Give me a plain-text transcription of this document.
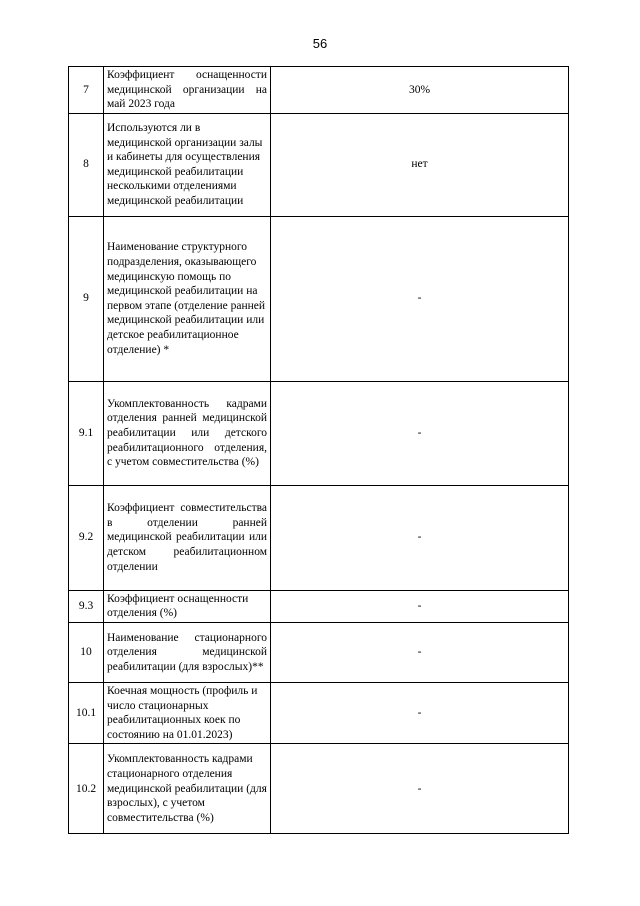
56
7	Коэффициент оснащенности медицинской организации на май 2023 года	30%
8	Используются ли в медицинской организации залы и кабинеты для осуществления медицинской реабилитации несколькими отделениями медицинской реабилитации	нет
9	Наименование структурного подразделения, оказывающего медицинскую помощь по медицинской реабилитации на первом этапе (отделение ранней медицинской реабилитации или детское реабилитационное отделение) *	-
9.1	Укомплектованность кадрами отделения ранней медицинской реабилитации или детского реабилитационного отделения, с учетом совместительства (%)	-
9.2	Коэффициент совместительства в отделении ранней медицинской реабилитации или детском реабилитационном отделении	-
9.3	Коэффициент оснащенности отделения (%)	-
10	Наименование стационарного отделения медицинской реабилитации (для взрослых)**	-
10.1	Коечная мощность (профиль и число стационарных реабилитационных коек по состоянию на 01.01.2023)	-
10.2	Укомплектованность кадрами стационарного отделения медицинской реабилитации (для взрослых), с учетом совместительства (%)	-
